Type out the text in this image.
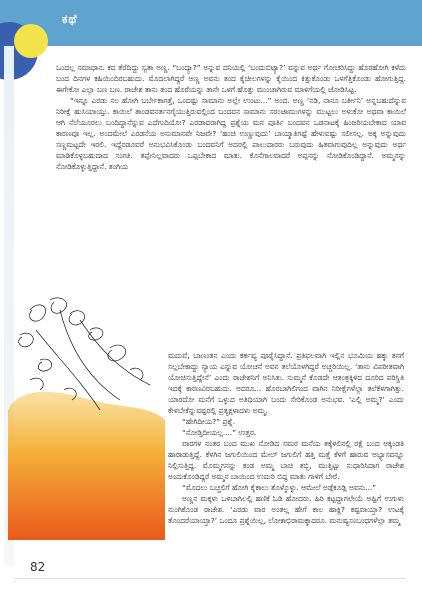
ಕಥೆ

ಒಂದಲ್ಲ ಸಮಾಧಾನ. ಕದ ತೆರೆದಿದ್ದು ಸ್ವತಾ ಅಣ್ಣ. “ಬಂದ್ಯಾ?” ಅನ್ನುವ ದನಿಯಲ್ಲಿ ‘ಬಂದುಬಿಟ್ಯಾ?’ ವನ್ನುವ ಅರ್ಥ ಗೋಚರಿಸಿದ್ದು ಹೊರಹೋಗಿ ಕಳೆದು ಬಂದ ದಿನಗಳ ಕಹಿಯಿಂದಿರಬಹುದು. ಮೊದಲಾಗಿದ್ದರೆ ಅಣ್ಣ ಅವನು ತಂದ ಕೈಚೀಲಗಳನ್ನು ಕೈಯಿಂದ ಕಿತ್ತುಕೊಂಡು ಒಳಗೆತ್ತಿಕೊಂಡು ಹೋಗುತ್ತಿದ್ದ. ಈಗೇಕೋ ಎಲ್ಲಾ ಬಣ ಬಣ. ರಾಜೇಶ ತಾನು ತಂದ ಹೊರೆಯನ್ನು ತಾನೇ ಒಳಗೆ ಹೊತ್ತು ಮುಂಚಾಗಿರುವ ಮಾಳಿಗೆಯಲ್ಲಿ ಜೋಡಿಸಿಟ್ಟ.

“ಇನ್ನೂ ಎರಡು ಸಲ ಹೋಗಿ ಬರ್ಬೇಕಾಗತ್ತೆ, ಒಂದಷ್ಟು ಸಾಮಾನು ಅಲ್ಲೇ ಉಂಟು...” ಅಂದ. ಅಣ್ಣ ‘ನಡಿ, ನಾನೂ ಬರ್ತೀನಿ’ ಅನ್ನಬಹುದೆನ್ನುವ ನಿರೀಕ್ಷೆ ಹುಸಿಯಾಯ್ತು. ಕಾಯಿಲೆ ತಾಂಡವನರ್ತನಗೈಯುತ್ತಿರುವಲ್ಲಿಂದ ಬಂದವನ ಸಾಮಾನು ಸರಂಜಾಮುಗಳನ್ನು ಮುಟ್ಟಲು ಅಳುಕೋ ಅಥವಾ ಕಾಯಿಲೆ ಆಗಿ ನೆಲೆಯೂರಲು ಬಂದಿದ್ದಾನೆನ್ನುವ ಎದೆಗುದಿಯೋ? ಎರಡಾವರಾಗಿದ್ದ ಪ್ರಶ್ನೆಯ ಮನ ಪೂರ್ತಿ ಬಂದವನ ಒಡನಾಟಕ್ಕೆ ಹಿಂಜರಿಯಬೇಕಾದ ಯಾವ ಕಾರಣವೂ ಇಲ್ಲ. ಅಂದಮೇಲೆ ಎರಡನೆಯ ಅನುಮಾನವೇ ನಿಜವೇ? ‘ಹಂಚಿ ಉಣ್ಣುವುದು’ ಬಾಯ್ಮಾತಿಗಷ್ಟೆ ಹೇಳುವಷ್ಟು ಸಲೀಸಲ್ಲ. ಅಕ್ಕ ಅನ್ನುವುದು ಸಣ್ಣಮಟ್ಟದೇ ಇರಲಿ. ಇದ್ದೆರಡೂವರೆ ಅನುಭವಿಸಿಕೊಂಡು ಬಂದವನಿಗೆ ಅದರಲ್ಲಿ ಪಾಲುದಾರರು ಬರುವುದು ಹಿತವಾಗುವುದಿಲ್ಲ ಅನ್ನುವುದು ಅರ್ಥ ಮಾಡಿಕೊಳ್ಳಬಹುದಾದ ಸಂಗತಿ. ತಪ್ಪೇನಿಲ್ಲವಾದರು ಒಪ್ಪಬೇಕಾದ ಮಾತು. ಕೊನೆಗಾಲವಾದರೆ ಅಪ್ಪನನ್ನು ನೋಡಿಕೊಂಡಿದ್ದಾನೆ. ಅಮ್ಮನನ್ನು ನೋಡಿಕೊಳ್ಳುತ್ತಿದ್ದಾನೆ. ತಂಗಿಯ

ಮದುವೆ, ಬಾಣಂತನ ಎಂದು ಕರ್ತವ್ಯ ಪೂರೈಸಿದ್ದಾನೆ. ಪ್ರತಿಫಲವಾಗಿ ಇಲ್ಲಿನ ಭೂಮಿಯ ಹಕ್ಕು ತನಗೆ ಸಲ್ಲಬೇಕಾದ್ದು ನ್ಯಾಯ ಎನ್ನುವ ಯೋಚನೆ ಅವನ ತಲೆಯೊಳಗಿದ್ದರೆ ಅಚ್ಚರಿಯಿಲ್ಲ. ‘ತಾನು ವಿಪರೀತವಾಗಿ ಯೋಚಿಸುತ್ತಿದ್ದೇನೆ’ ಎಂದು ರಾಜೇಶನಿಗೆ ಅನಿಸಿತು. ಸುಮ್ಮನೆ ಕೊಡದೇ ಆತಂತ್ರಕ್ಕಿಳಿದ ದೂರಿದ ಪರಿಸ್ಥಿತಿ ಇದಕ್ಕೆ ಕಾರಣವಿರಬಹುದು. ಅದರೂ... ಹೊರಬಾಗಿಲಿಗಂದ ವಾಗಿನ ನಿರೀಕ್ಷೆಗಳೆಲ್ಲಾ ತಲೆಕೆಳಗಾಗಿತ್ತು. ಯಾರದೋ ಮನೆಗೆ ಒಳ್ಳುದ ಅತಿಥಿಯಾಗಿ ಬಂದು ಸೇರಿಕೊಂಡ ಅನುಭವ. ‘ಎಲ್ಲಿ ಅಮ್ಮ?’ ಎಂದು ಕೇಳಬೇಕೆನ್ನುವಷ್ಟರಲ್ಲಿ ಪ್ರತ್ಯಕ್ಷಳಾದಳು ಅಮ್ಮ.

“ಹೇಗಿದೀಯ?” ಪ್ರಶ್ನೆ.

“ನೋಡ್ತಿದೀಯಲ್ಲ....” ಉತ್ತರ.

ವಾರಗಳ ನಂತರ ಬಂದ ಮುಖ ನೋಡಿದ ಸಮರ ಮನೆಯ ತಕ್ಕೆಳಲಿನಲ್ಲಿ ರಕ್ಷೆ ಬಂದ ಅಕ್ಕಂಡತಿ ಹಾರಾಡುತ್ತಿದ್ದೆ. ಕೆಳಗಿನ ಜಗುಲಿಯಿಂದ ಮೇಲ್ ಜಗುಲಿಗೆ ಹತ್ತಿ ಮತ್ತೆ ಕೆಳಗೆ ಹಾರುವ ಅಭ್ಯಾಸವನ್ನೂ ನಿಲ್ಲಿಸುತ್ತಿದ್ದ. ಮೊಮ್ಮಗನನ್ನು ಕಂಡ ಅಮ್ಮ ಬಾಚಿ ತಬ್ಬಿ, ಮುತ್ತಿಟ್ಟು ಸುಧಾರಿಸಿದಾಗ ರಾಜೇಶ ಅಂದುಕೊಂಡಿದ್ದರೆ ಅಮ್ಮನ ಬಾಯಿಂದ ಉದುರಿ ಬಿದ್ದ ಮಾತು ಗಾಳಿಗೆ ಬೇರೆ.

“ಮೊದಲು ಬಚ್ಚಲಿಗೆ ಹೋಗಿ ಕೈಕಾಲು ತೊಳ್ಕೊಳ್ಳು. ಆಮೇಲೆ ಅಡ್ಗೆಕೂಡ್ಲಿ ಅವನು...”

ಅಣ್ಣನ ಮಕ್ಕಳು ಒಳಬಾಗಿಲಲ್ಲಿ ಹಣಿಕೆ ಓಡಿ ಹೋದರು. ಹಿರಿ ಕಟ್ಟದ್ದಾಗಲೇಯೆ ಅಷ್ಟಿಗೆ ಉಗುಳು ನುಂಗಿಕೊಂಡ ರಾಜೇಶ. ‘ಎರಡು ವಾರ ಅಂತಲ್ಲ ಹೇಗೆ ಕಾಲ ಹಾಕ್ದಿ? ಕಷ್ಟವಾಯ್ತಾ? ಉಟಕ್ಕೆ ತೊಂದರೆಯಾಯ್ತಾ?’ ಒಂದೂ ಪ್ರಶ್ನೆಯಿಲ್ಲ, ಲೋಕಾಭಿರಾಮಕ್ಕಾದರೂ. ಮನುಷ್ಯಸಂಬಂಧಗಳೆಲ್ಲಾ ತಮ್ಮ

82
